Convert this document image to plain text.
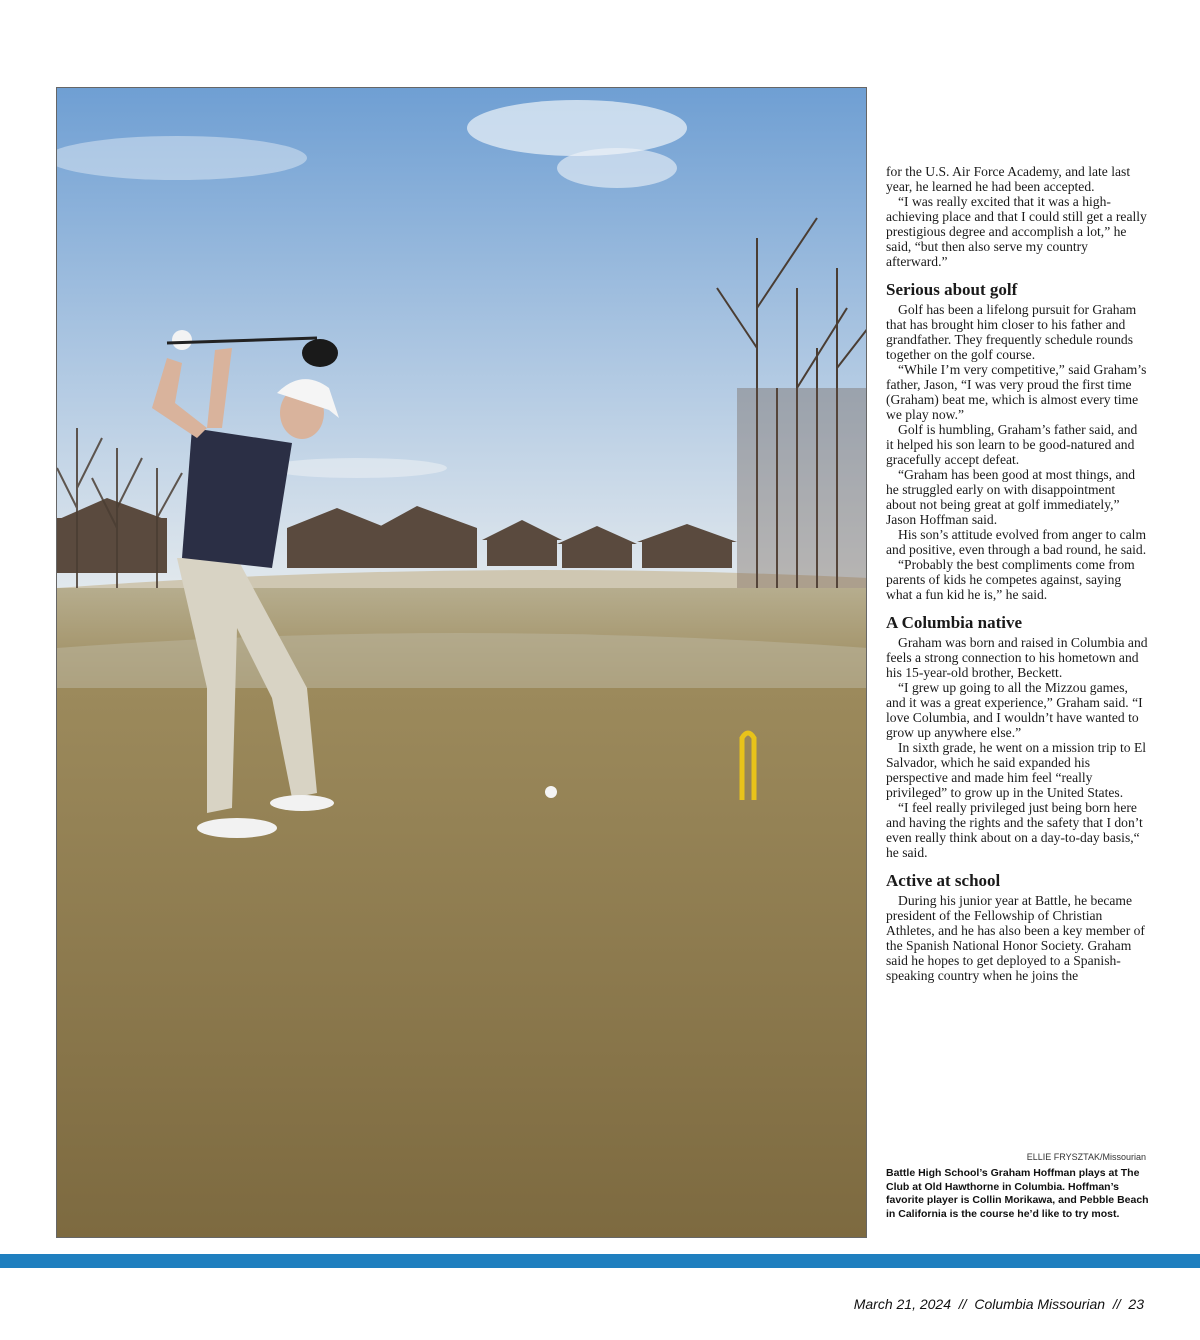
for the U.S. Air Force Academy, and late last year, he learned he had been accepted.

“I was really excited that it was a high-achieving place and that I could still get a really prestigious degree and accomplish a lot,” he said, “but then also serve my country afterward.”

Serious about golf

Golf has been a lifelong pursuit for Graham that has brought him closer to his father and grandfather. They frequently schedule rounds together on the golf course.

“While I’m very competitive,” said Graham’s father, Jason, “I was very proud the first time (Graham) beat me, which is almost every time we play now.”

Golf is humbling, Graham’s father said, and it helped his son learn to be good-natured and gracefully accept defeat.

“Graham has been good at most things, and he struggled early on with disappointment about not being great at golf immediately,” Jason Hoffman said.

His son’s attitude evolved from anger to calm and positive, even through a bad round, he said.

“Probably the best compliments come from parents of kids he competes against, saying what a fun kid he is,” he said.

A Columbia native

Graham was born and raised in Columbia and feels a strong connection to his hometown and his 15-year-old brother, Beckett.

“I grew up going to all the Mizzou games, and it was a great experience,” Graham said. “I love Columbia, and I wouldn’t have wanted to grow up anywhere else.”

In sixth grade, he went on a mission trip to El Salvador, which he said expanded his perspective and made him feel “really privileged” to grow up in the United States.

“I feel really privileged just being born here and having the rights and the safety that I don’t even really think about on a day-to-day basis,“ he said.

Active at school

During his junior year at Battle, he became president of the Fellowship of Christian Athletes, and he has also been a key member of the Spanish National Honor Society. Graham said he hopes to get deployed to a Spanish-speaking country when he joins the

ELLIE FRYSZTAK/Missourian
Battle High School’s Graham Hoffman plays at The Club at Old Hawthorne in Columbia. Hoffman’s favorite player is Collin Morikawa, and Pebble Beach in California is the course he’d like to try most.
March 21, 2024 // Columbia Missourian // 23
